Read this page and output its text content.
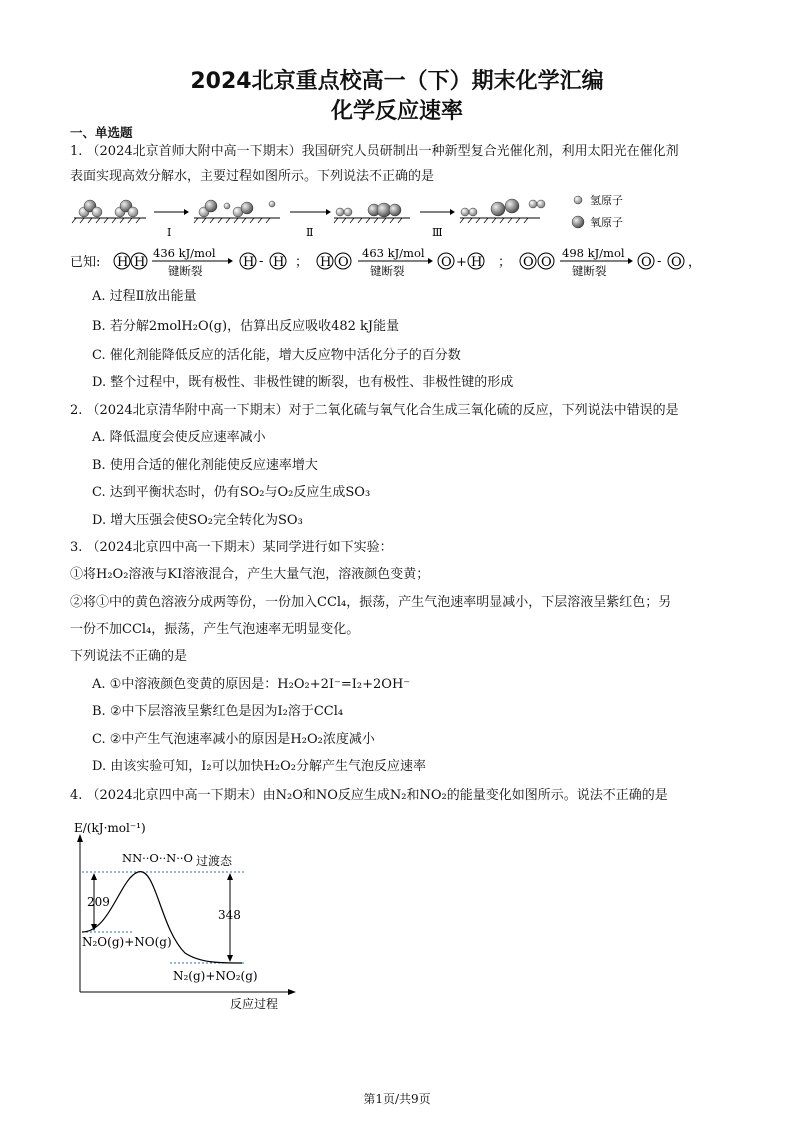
2024北京重点校高一（下）期末化学汇编
化学反应速率
一、单选题
1. （2024北京首师大附中高一下期末）我国研究人员研制出一种新型复合光催化剂，利用太阳光在催化剂
表面实现高效分解水，主要过程如图所示。下列说法不正确的是
Ⅰ	Ⅱ	Ⅲ
氢原子
氧原子
已知: H H
436 kJ/mol
键断裂
H - H ； H O
463 kJ/mol
键断裂
O + H ； O O
498 kJ/mol
键断裂
O - O ，
A. 过程Ⅱ放出能量
B. 若分解2molH₂O(g)，估算出反应吸收482 kJ能量
C. 催化剂能降低反应的活化能，增大反应物中活化分子的百分数
D. 整个过程中，既有极性、非极性键的断裂，也有极性、非极性键的形成
2. （2024北京清华附中高一下期末）对于二氧化硫与氧气化合生成三氧化硫的反应，下列说法中错误的是
A. 降低温度会使反应速率减小
B. 使用合适的催化剂能使反应速率增大
C. 达到平衡状态时，仍有SO₂与O₂反应生成SO₃
D. 增大压强会使SO₂完全转化为SO₃
3. （2024北京四中高一下期末）某同学进行如下实验：
①将H₂O₂溶液与KI溶液混合，产生大量气泡，溶液颜色变黄；
②将①中的黄色溶液分成两等份，一份加入CCl₄，振荡，产生气泡速率明显减小，下层溶液呈紫红色；另
一份不加CCl₄，振荡，产生气泡速率无明显变化。
下列说法不正确的是
A. ①中溶液颜色变黄的原因是：H₂O₂+2I⁻=I₂+2OH⁻
B. ②中下层溶液呈紫红色是因为I₂溶于CCl₄
C. ②中产生气泡速率减小的原因是H₂O₂浓度减小
D. 由该实验可知，I₂可以加快H₂O₂分解产生气泡反应速率
4. （2024北京四中高一下期末）由N₂O和NO反应生成N₂和NO₂的能量变化如图所示。说法不正确的是
E/(kJ·mol⁻¹)
NN··O··N··O 过渡态
209
348
N₂O(g)+NO(g)
N₂(g)+NO₂(g)
反应过程
第1页/共9页
